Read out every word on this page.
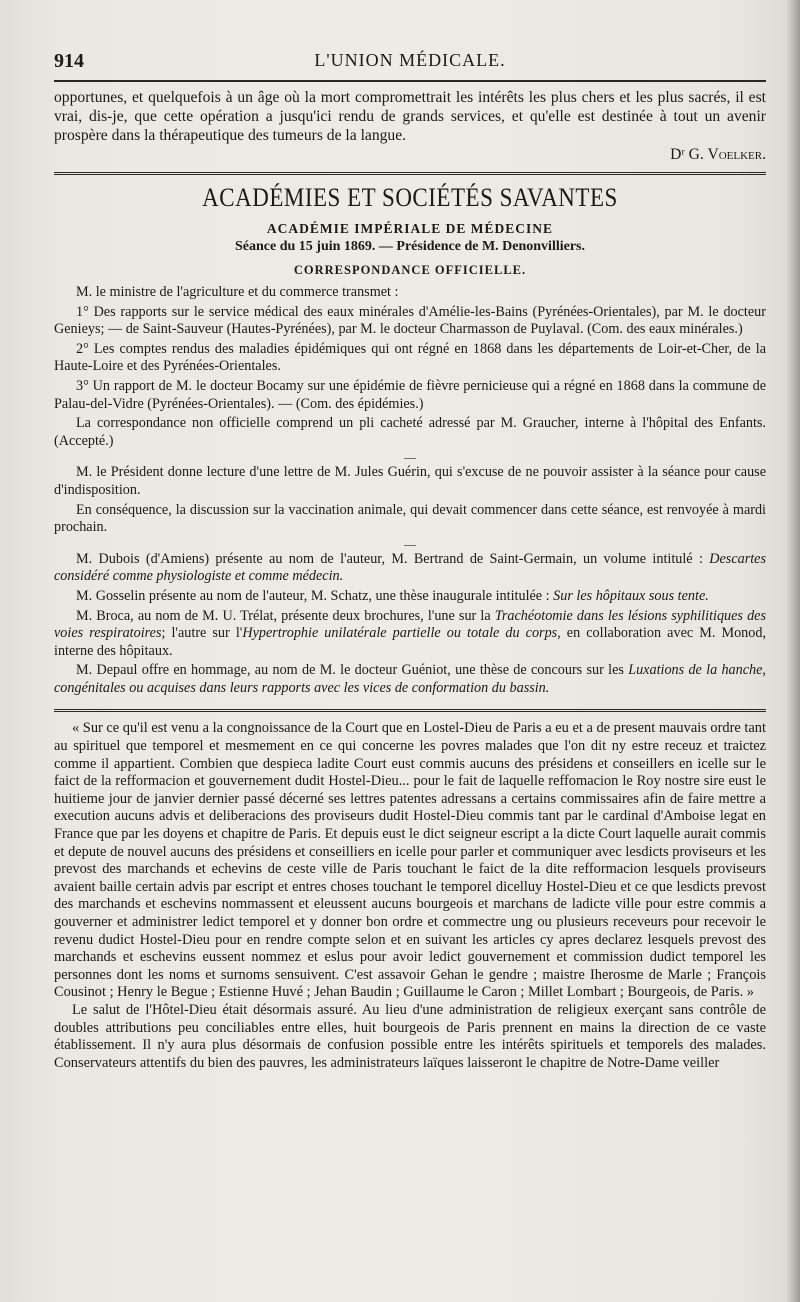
914	L'UNION MÉDICALE.

opportunes, et quelquefois à un âge où la mort compromettrait les intérêts les plus chers et les plus sacrés, il est vrai, dis-je, que cette opération a jusqu'ici rendu de grands services, et qu'elle est destinée à tout un avenir prospère dans la thérapeutique des tumeurs de la langue.

Dʳ G. Voelker.

ACADÉMIES ET SOCIÉTÉS SAVANTES
ACADÉMIE IMPÉRIALE DE MÉDECINE
Séance du 15 juin 1869. — Présidence de M. Denonvilliers.
CORRESPONDANCE OFFICIELLE.

M. le ministre de l'agriculture et du commerce transmet :

1° Des rapports sur le service médical des eaux minérales d'Amélie-les-Bains (Pyrénées-Orientales), par M. le docteur Genieys; — de Saint-Sauveur (Hautes-Pyrénées), par M. le docteur Charmasson de Puylaval. (Com. des eaux minérales.)

2° Les comptes rendus des maladies épidémiques qui ont régné en 1868 dans les départements de Loir-et-Cher, de la Haute-Loire et des Pyrénées-Orientales.

3° Un rapport de M. le docteur Bocamy sur une épidémie de fièvre pernicieuse qui a régné en 1868 dans la commune de Palau-del-Vidre (Pyrénées-Orientales). — (Com. des épidémies.)

La correspondance non officielle comprend un pli cacheté adressé par M. Graucher, interne à l'hôpital des Enfants. (Accepté.)

—

M. le Président donne lecture d'une lettre de M. Jules Guérin, qui s'excuse de ne pouvoir assister à la séance pour cause d'indisposition.

En conséquence, la discussion sur la vaccination animale, qui devait commencer dans cette séance, est renvoyée à mardi prochain.

—

M. Dubois (d'Amiens) présente au nom de l'auteur, M. Bertrand de Saint-Germain, un volume intitulé : Descartes considéré comme physiologiste et comme médecin.

M. Gosselin présente au nom de l'auteur, M. Schatz, une thèse inaugurale intitulée : Sur les hôpitaux sous tente.

M. Broca, au nom de M. U. Trélat, présente deux brochures, l'une sur la Trachéotomie dans les lésions syphilitiques des voies respiratoires; l'autre sur l'Hypertrophie unilatérale partielle ou totale du corps, en collaboration avec M. Monod, interne des hôpitaux.

M. Depaul offre en hommage, au nom de M. le docteur Guéniot, une thèse de concours sur les Luxations de la hanche, congénitales ou acquises dans leurs rapports avec les vices de conformation du bassin.

« Sur ce qu'il est venu a la congnoissance de la Court que en Lostel-Dieu de Paris a eu et a de present mauvais ordre tant au spirituel que temporel et mesmement en ce qui concerne les povres malades que l'on dit ny estre receuz et traictez comme il appartient. Combien que despieca ladite Court eust commis aucuns des présidens et conseillers en icelle sur le faict de la refformacion et gouvernement dudit Hostel-Dieu... pour le fait de laquelle reffomacion le Roy nostre sire eust le huitieme jour de janvier dernier passé décerné ses lettres patentes adressans a certains commissaires afin de faire mettre a execution aucuns advis et deliberacions des proviseurs dudit Hostel-Dieu commis tant par le cardinal d'Amboise legat en France que par les doyens et chapitre de Paris. Et depuis eust le dict seigneur escript a la dicte Court laquelle aurait commis et depute de nouvel aucuns des présidens et conseilliers en icelle pour parler et communiquer avec lesdicts proviseurs et les prevost des marchands et echevins de ceste ville de Paris touchant le faict de la dite refformacion lesquels proviseurs avaient baille certain advis par escript et entres choses touchant le temporel dicelluy Hostel-Dieu et ce que lesdicts prevost des marchands et eschevins nommassent et eleussent aucuns bourgeois et marchans de ladicte ville pour estre commis a gouverner et administrer ledict temporel et y donner bon ordre et commectre ung ou plusieurs receveurs pour recevoir le revenu dudict Hostel-Dieu pour en rendre compte selon et en suivant les articles cy apres declarez lesquels prevost des marchands et eschevins eussent nommez et eslus pour avoir ledict gouvernement et commission dudict temporel les personnes dont les noms et surnoms sensuivent. C'est assavoir Gehan le gendre ; maistre Iherosme de Marle ; François Cousinot ; Henry le Begue ; Estienne Huvé ; Jehan Baudin ; Guillaume le Caron ; Millet Lombart ; Bourgeois, de Paris. »

Le salut de l'Hôtel-Dieu était désormais assuré. Au lieu d'une administration de religieux exerçant sans contrôle de doubles attributions peu conciliables entre elles, huit bourgeois de Paris prennent en mains la direction de ce vaste établissement. Il n'y aura plus désormais de confusion possible entre les intérêts spirituels et temporels des malades. Conservateurs attentifs du bien des pauvres, les administrateurs laïques laisseront le chapitre de Notre-Dame veiller
